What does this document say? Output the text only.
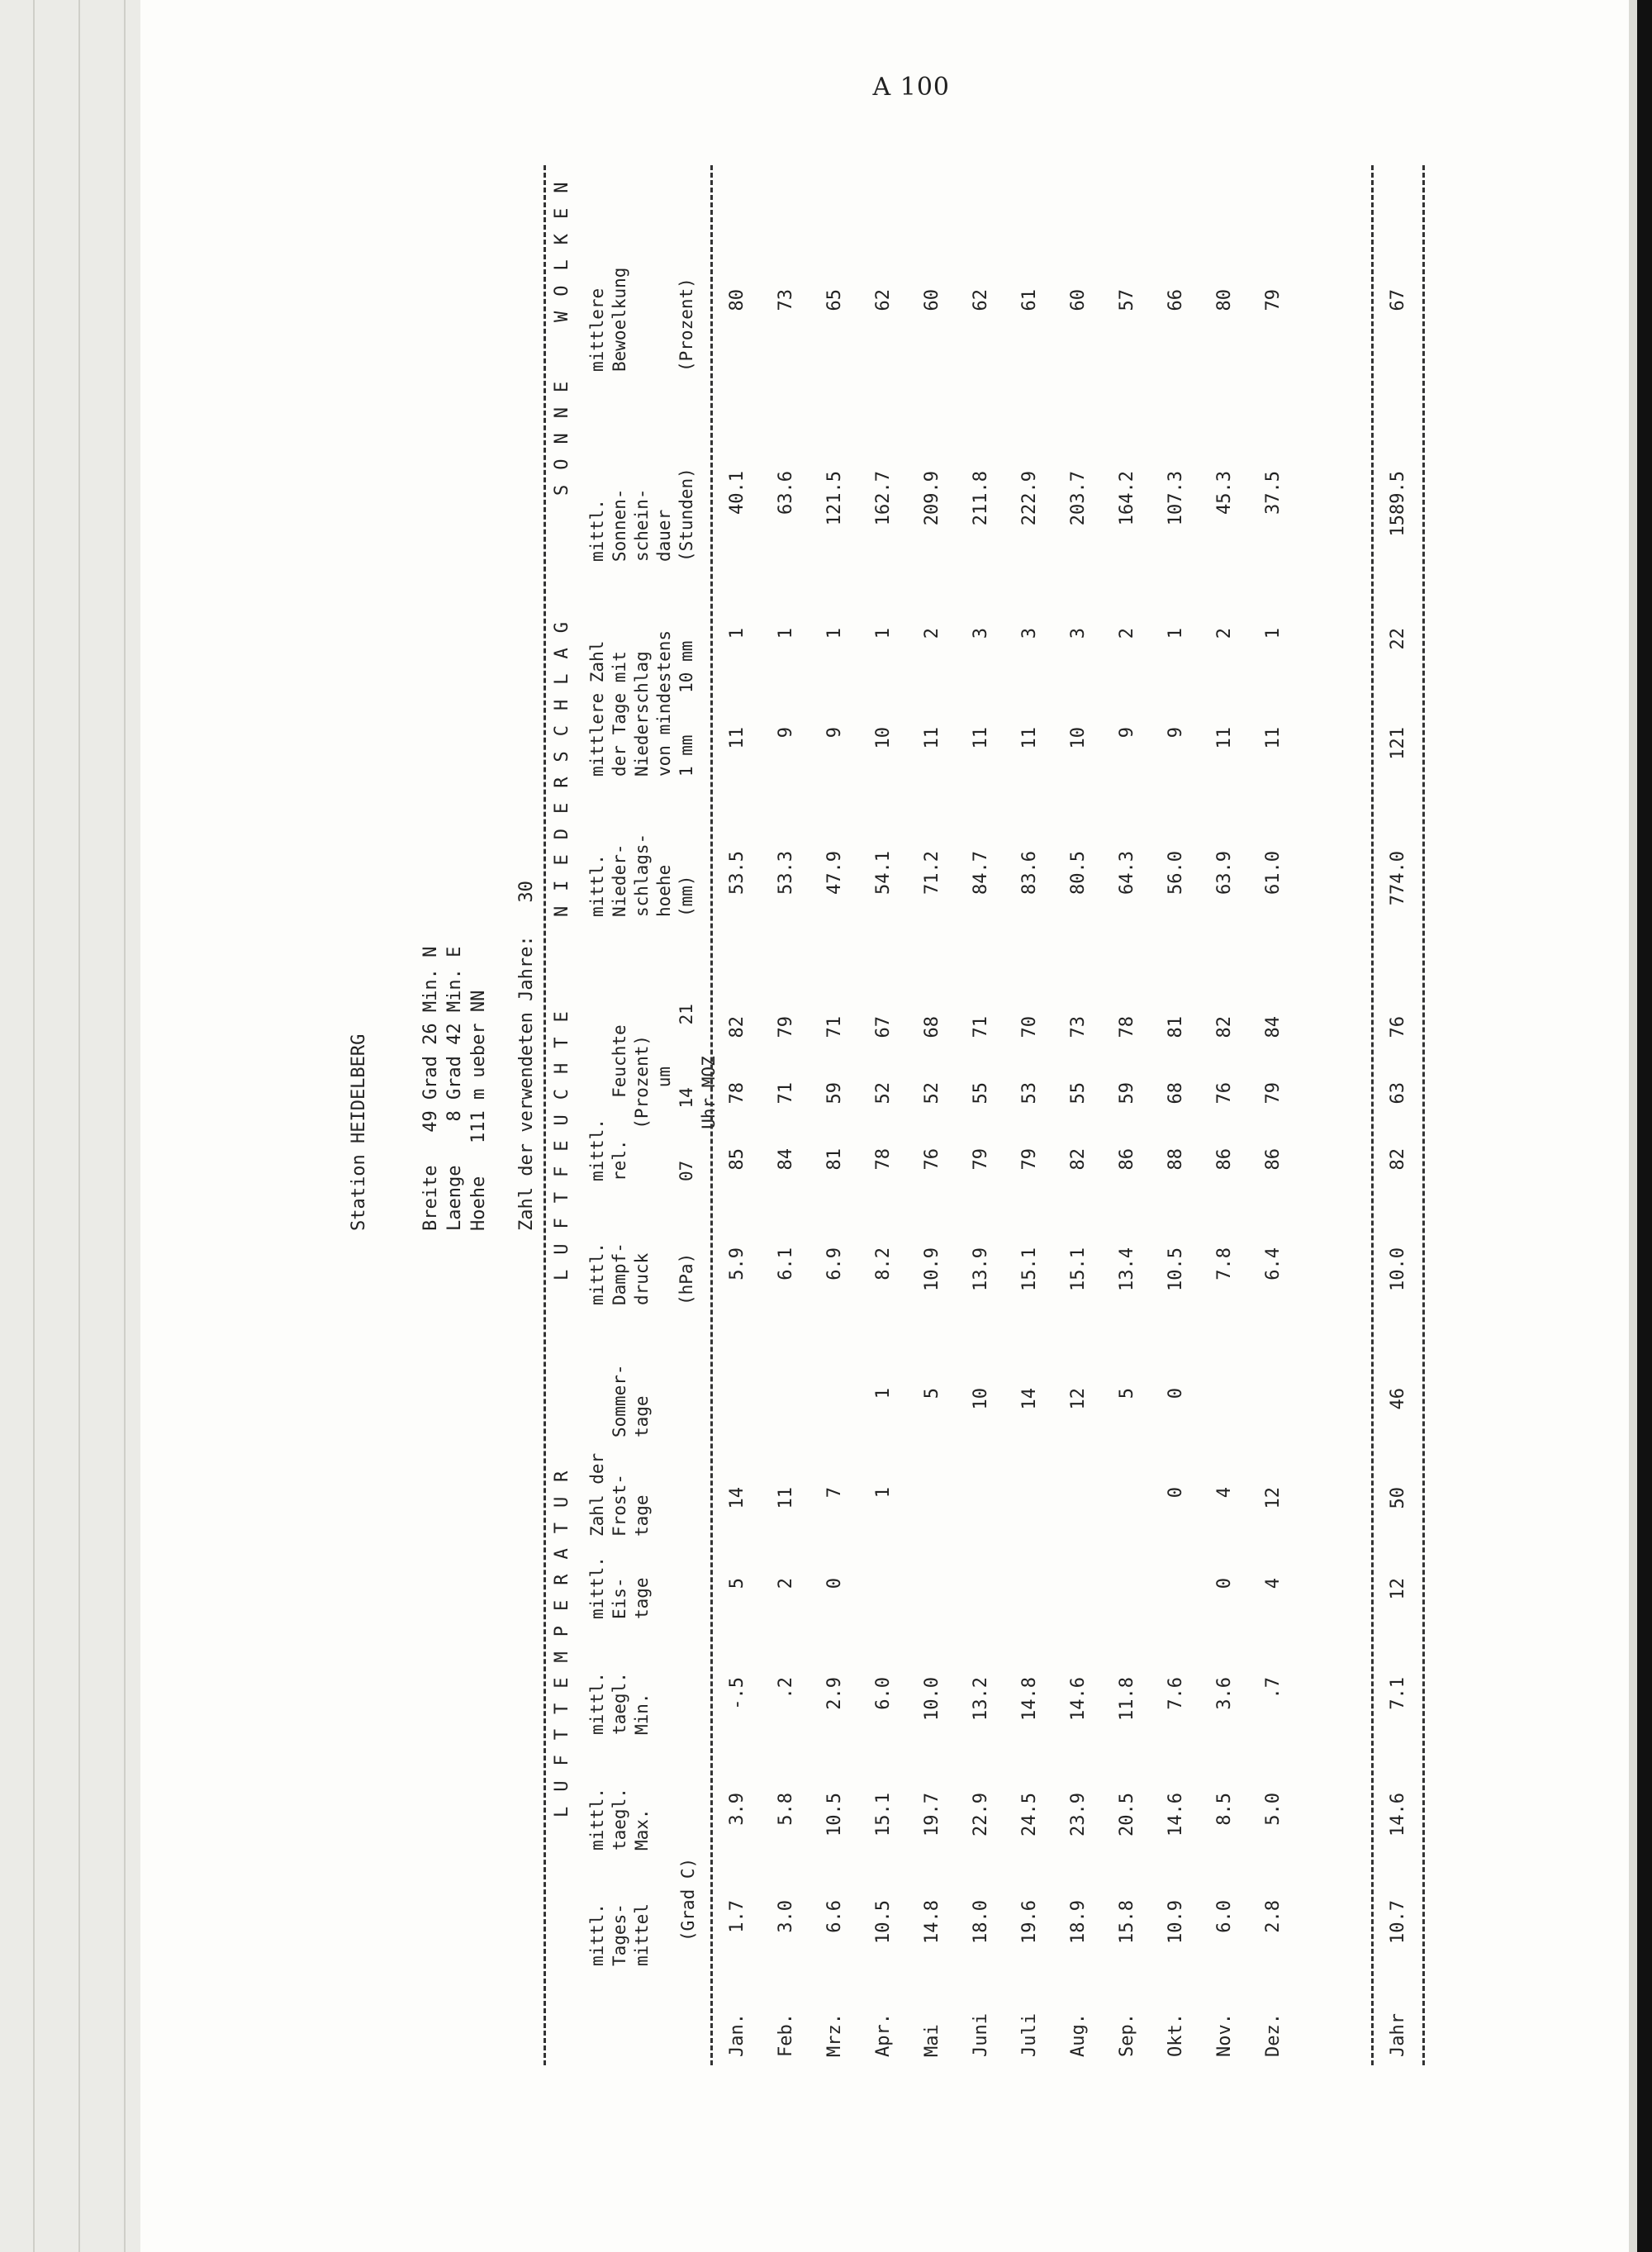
A 100
Station HEIDELBERG	Breite   49 Grad 26 Min. N Laenge    8 Grad 42 Min. E Hoehe   111 m ueber NN Zahl der verwendeten Jahre:   30
LUFTTEMPERATUR
LUFTFEUCHTE
NIEDERSCHLAG
SONNE
WOLKEN
mittl.
Tages-
mittel
mittl.
taegl.
Max.
mittl.
taegl.
Min.
mittl.
Eis-
tage
Zahl der
Frost-
tage

Sommer-
tage
(Grad C)
mittl.
Dampf-
druck

(hPa)
mittl.
rel.    Feuchte
(Prozent)
um
07     14      21
Uhr MOZ
mittl.
Nieder-
schlags-
hoehe
(mm)
mittlere Zahl
der Tage mit
Niederschlag
von mindestens
1 mm    10 mm
mittl.
Sonnen-
schein-
dauer
(Stunden)
mittlere
Bewoelkung

(Prozent)
Jan.
1.7
3.9
-.5
5
14
5.9
85
78
82
53.5
11
1
40.1
80
Feb.
3.0
5.8
.2
2
11
6.1
84
71
79
53.3
9
1
63.6
73
Mrz.
6.6
10.5
2.9
0
7
6.9
81
59
71
47.9
9
1
121.5
65
Apr.
10.5
15.1
6.0
1
1
8.2
78
52
67
54.1
10
1
162.7
62
Mai
14.8
19.7
10.0
5
10.9
76
52
68
71.2
11
2
209.9
60
Juni
18.0
22.9
13.2
10
13.9
79
55
71
84.7
11
3
211.8
62
Juli
19.6
24.5
14.8
14
15.1
79
53
70
83.6
11
3
222.9
61
Aug.
18.9
23.9
14.6
12
15.1
82
55
73
80.5
10
3
203.7
60
Sep.
15.8
20.5
11.8
5
13.4
86
59
78
64.3
9
2
164.2
57
Okt.
10.9
14.6
7.6
0
0
10.5
88
68
81
56.0
9
1
107.3
66
Nov.
6.0
8.5
3.6
0
4
7.8
86
76
82
63.9
11
2
45.3
80
Dez.
2.8
5.0
.7
4
12
6.4
86
79
84
61.0
11
1
37.5
79
Jahr
10.7
14.6
7.1
12
50
46
10.0
82
63
76
774.0
121
22
1589.5
67
